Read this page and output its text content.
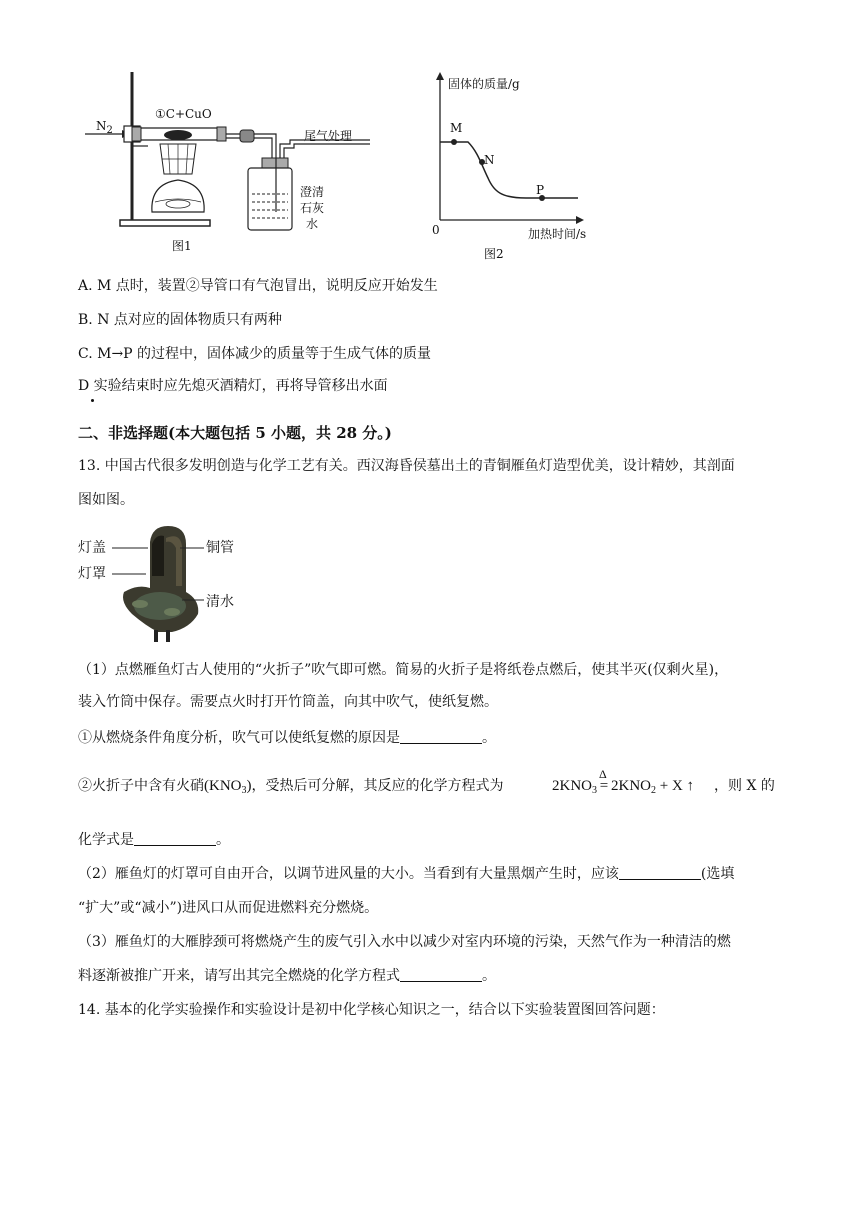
$N_2$
①C+CuO
尾气处理
澄清
石灰
水
图1
固体的质量/g
M
N
P
0	加热时间/s
图2
A. M 点时，装置②导管口有气泡冒出，说明反应开始发生
B. N 点对应的固体物质只有两种
C. M→P 的过程中，固体减少的质量等于生成气体的质量
D 实验结束时应先熄灭酒精灯，再将导管移出水面
二、非选择题(本大题包括 5 小题，共 28 分。)
13. 中国古代很多发明创造与化学工艺有关。西汉海昏侯墓出土的青铜雁鱼灯造型优美，设计精妙，其剖面
图如图。
灯盖
灯罩
铜管
清水
（1）点燃雁鱼灯古人使用的“火折子”吹气即可燃。简易的火折子是将纸卷点燃后，使其半灭(仅剩火星)，
装入竹筒中保存。需要点火时打开竹筒盖，向其中吹气，使纸复燃。
①从燃烧条件角度分析，吹气可以使纸复燃的原因是	。
②火折子中含有火硝$(KNO_3)$，受热后可分解，其反应的化学方程式为	$2KNO_3$ =
Δ
$2KNO_2 + X$ ↑ ，则 X 的
化学式是	。
（2）雁鱼灯的灯罩可自由开合，以调节进风量的大小。当看到有大量黑烟产生时，应该	(选填
“扩大”或“减小”)进风口从而促进燃料充分燃烧。
（3）雁鱼灯的大雁脖颈可将燃烧产生的废气引入水中以减少对室内环境的污染，天然气作为一种清洁的燃
料逐渐被推广开来，请写出其完全燃烧的化学方程式	。
14. 基本的化学实验操作和实验设计是初中化学核心知识之一，结合以下实验装置图回答问题：
